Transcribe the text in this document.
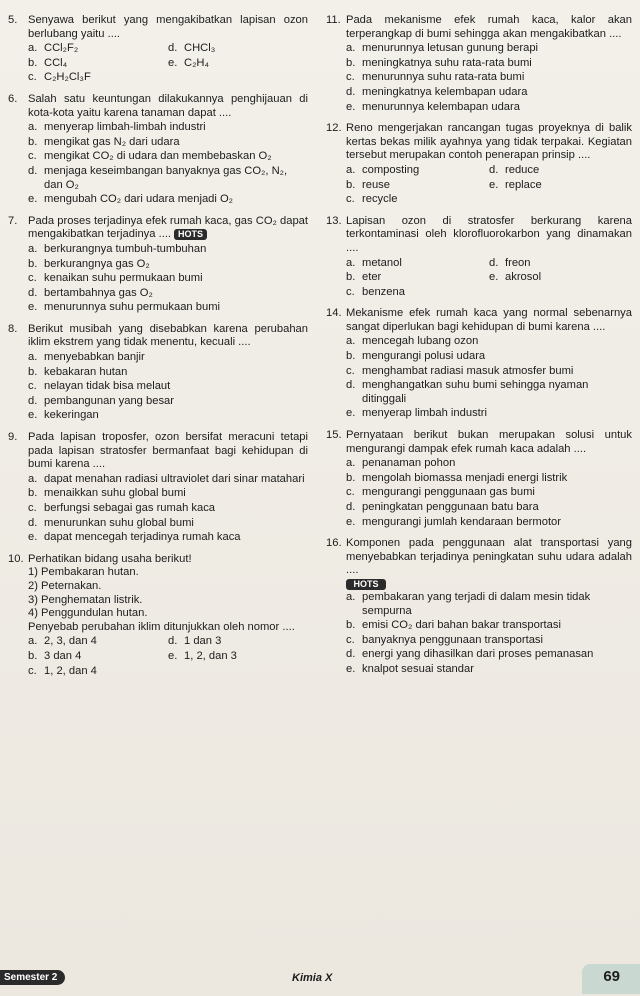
5. Senyawa berikut yang mengakibatkan lapisan ozon berlubang yaitu ....
a. CCl₂F₂	d. CHCl₃
b. CCl₄	e. C₂H₄
c. C₂H₂Cl₃F
6. Salah satu keuntungan dilakukannya penghijauan di kota-kota yaitu karena tanaman dapat ....
a. menyerap limbah-limbah industri
b. mengikat gas N₂ dari udara
c. mengikat CO₂ di udara dan membebaskan O₂
d. menjaga keseimbangan banyaknya gas CO₂, N₂, dan O₂
e. mengubah CO₂ dari udara menjadi O₂
7. Pada proses terjadinya efek rumah kaca, gas CO₂ dapat mengakibatkan terjadinya .... HOTS
a. berkurangnya tumbuh-tumbuhan
b. berkurangnya gas O₂
c. kenaikan suhu permukaan bumi
d. bertambahnya gas O₂
e. menurunnya suhu permukaan bumi
8. Berikut musibah yang disebabkan karena perubahan iklim ekstrem yang tidak menentu, kecuali ....
a. menyebabkan banjir
b. kebakaran hutan
c. nelayan tidak bisa melaut
d. pembangunan yang besar
e. kekeringan
9. Pada lapisan troposfer, ozon bersifat meracuni tetapi pada lapisan stratosfer bermanfaat bagi kehidupan di bumi karena ....
a. dapat menahan radiasi ultraviolet dari sinar matahari
b. menaikkan suhu global bumi
c. berfungsi sebagai gas rumah kaca
d. menurunkan suhu global bumi
e. dapat mencegah terjadinya rumah kaca
10. Perhatikan bidang usaha berikut!
1) Pembakaran hutan.
2) Peternakan.
3) Penghematan listrik.
4) Penggundulan hutan.
Penyebab perubahan iklim ditunjukkan oleh nomor ....
a. 2, 3, dan 4	d. 1 dan 3
b. 3 dan 4	e. 1, 2, dan 3
c. 1, 2, dan 4
11. Pada mekanisme efek rumah kaca, kalor akan terperangkap di bumi sehingga akan mengakibatkan ....
a. menurunnya letusan gunung berapi
b. meningkatnya suhu rata-rata bumi
c. menurunnya suhu rata-rata bumi
d. meningkatnya kelembapan udara
e. menurunnya kelembapan udara
12. Reno mengerjakan rancangan tugas proyeknya di balik kertas bekas milik ayahnya yang tidak terpakai. Kegiatan tersebut merupakan contoh penerapan prinsip ....
a. composting	d. reduce
b. reuse	e. replace
c. recycle
13. Lapisan ozon di stratosfer berkurang karena terkontaminasi oleh klorofluorokarbon yang dinamakan ....
a. metanol	d. freon
b. eter	e. akrosol
c. benzena
14. Mekanisme efek rumah kaca yang normal sebenarnya sangat diperlukan bagi kehidupan di bumi karena ....
a. mencegah lubang ozon
b. mengurangi polusi udara
c. menghambat radiasi masuk atmosfer bumi
d. menghangatkan suhu bumi sehingga nyaman ditinggali
e. menyerap limbah industri
15. Pernyataan berikut bukan merupakan solusi untuk mengurangi dampak efek rumah kaca adalah ....
a. penanaman pohon
b. mengolah biomassa menjadi energi listrik
c. mengurangi penggunaan gas bumi
d. peningkatan penggunaan batu bara
e. mengurangi jumlah kendaraan bermotor
16. Komponen pada penggunaan alat transportasi yang menyebabkan terjadinya peningkatan suhu udara adalah ....
HOTS
a. pembakaran yang terjadi di dalam mesin tidak sempurna
b. emisi CO₂ dari bahan bakar transportasi
c. banyaknya penggunaan transportasi
d. energi yang dihasilkan dari proses pemanasan
e. knalpot sesuai standar
Semester 2	Kimia X	69
